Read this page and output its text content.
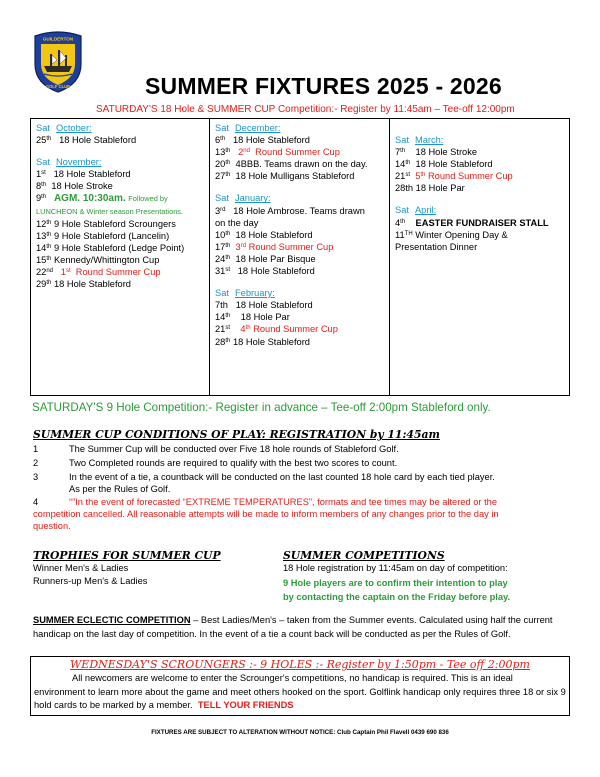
GUILDERTON
GOLF CLUB	SUMMER FIXTURES 2025 - 2026
SATURDAY'S 18 Hole & SUMMER CUP Competition:- Register by 11:45am – Tee-off 12:00pm
Sat October:
25th 18 Hole Stableford
Sat November:
1st 18 Hole Stableford
8th 18 Hole Stroke
9th AGM. 10:30am. Followed by
LUNCHEON & Winter season Presentations.
12th 9 Hole Stableford Scroungers
13th 9 Hole Stableford (Lancelin)
14th 9 Hole Stableford (Ledge Point)
15th Kennedy/Whittington Cup
22nd 1st Round Summer Cup
29th 18 Hole Stableford
Sat December:
6th 18 Hole Stableford
13th 2nd Round Summer Cup
20th 4BBB. Teams drawn on the day.
27th 18 Hole Mulligans Stableford
Sat January:
3rd 18 Hole Ambrose. Teams drawn
on the day
10th 18 Hole Stableford
17th 3rd Round Summer Cup
24th 18 Hole Par Bisque
31st 18 Hole Stableford
Sat February:
7th 18 Hole Stableford
14th 18 Hole Par
21st 4th Round Summer Cup
28th 18 Hole Stableford
Sat March:
7th 18 Hole Stroke
14th 18 Hole Stableford
21st 5th Round Summer Cup
28th 18 Hole Par
Sat April:
4th EASTER FUNDRAISER STALL
11TH Winter Opening Day &
Presentation Dinner
SATURDAY'S 9 Hole Competition:- Register in advance – Tee-off 2:00pm Stableford only.
SUMMER CUP CONDITIONS OF PLAY: REGISTRATION by 11:45am
1	The Summer Cup will be conducted over Five 18 hole rounds of Stableford Golf.
2	Two Completed rounds are required to qualify with the best two scores to count.
3	In the event of a tie, a countback will be conducted on the last counted 18 hole card by each tied player.
As per the Rules of Golf.
4	“”In the event of forecasted “EXTREME TEMPERATURES”, formats and tee times may be altered or the
competition cancelled. All reasonable attempts will be made to inform members of any changes prior to the day in
question.
TROPHIES FOR SUMMER CUP
Winner Men's & Ladies
Runners-up Men's & Ladies
SUMMER COMPETITIONS
18 Hole registration by 11:45am on day of competition:
9 Hole players are to confirm their intention to play by contacting the captain on the Friday before play.
SUMMER ECLECTIC COMPETITION – Best Ladies/Men's – taken from the Summer events. Calculated using half the current handicap on the last day of competition. In the event of a tie a count back will be conducted as per the Rules of Golf.
WEDNESDAY'S SCROUNGERS :- 9 HOLES :- Register by 1:50pm - Tee off 2:00pm
All newcomers are welcome to enter the Scrounger's competitions, no handicap is required. This is an ideal environment to learn more about the game and meet others hooked on the sport. Golflink handicap only requires three 18 or six 9 hold cards to be marked by a member. TELL YOUR FRIENDS
FIXTURES ARE SUBJECT TO ALTERATION WITHOUT NOTICE: Club Captain Phil Flavell 0439 690 836
